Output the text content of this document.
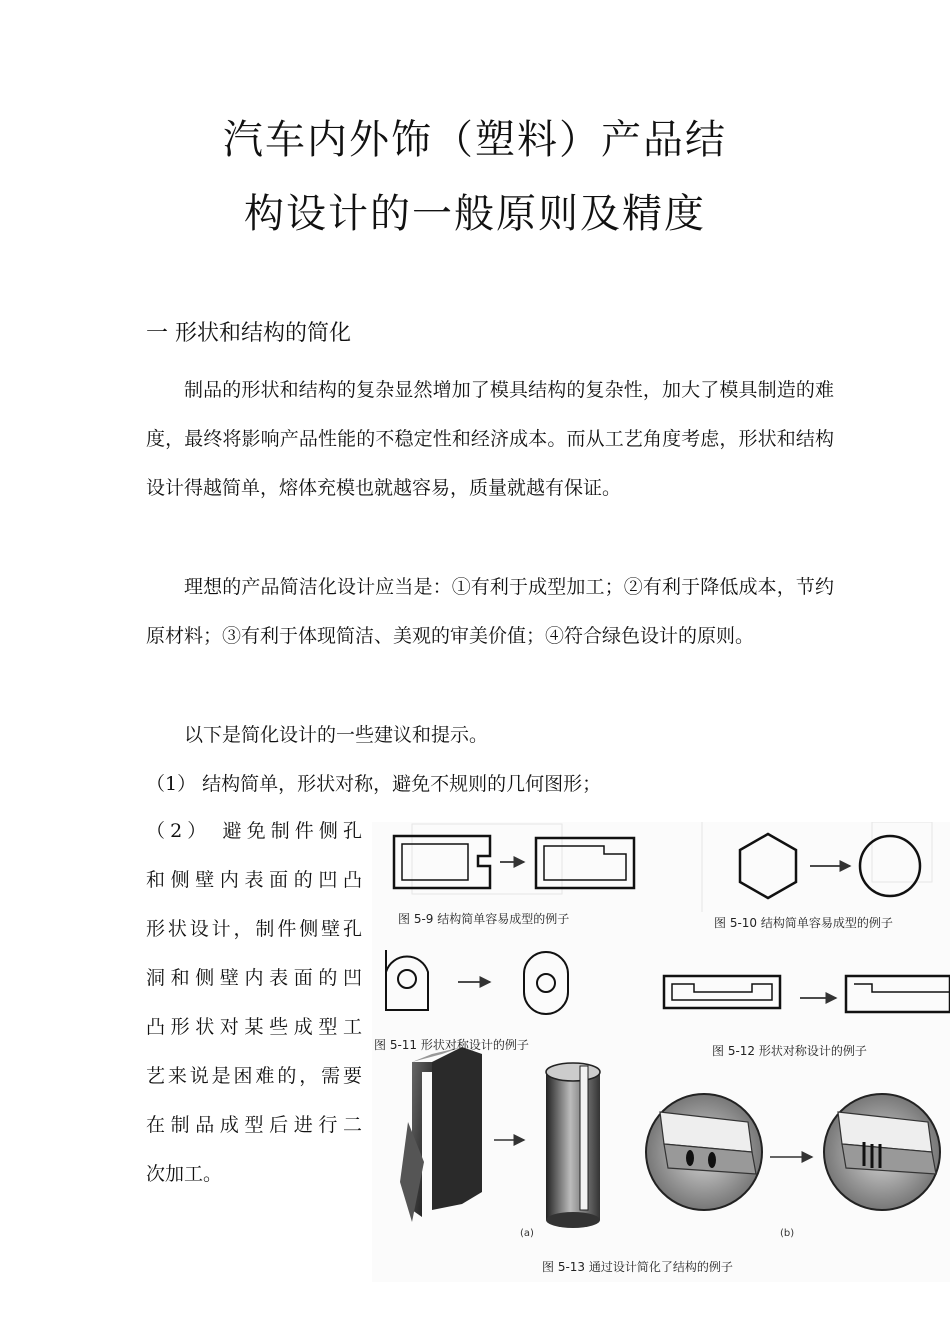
汽车内外饰（塑料）产品结
构设计的一般原则及精度
一 形状和结构的简化

制品的形状和结构的复杂显然增加了模具结构的复杂性，加大了模具制造的难度，最终将影响产品性能的不稳定性和经济成本。而从工艺角度考虑，形状和结构设计得越简单，熔体充模也就越容易，质量就越有保证。

理想的产品简洁化设计应当是：①有利于成型加工；②有利于降低成本，节约原材料；③有利于体现简洁、美观的审美价值；④符合绿色设计的原则。

以下是简化设计的一些建议和提示。

（1） 结构简单，形状对称，避免不规则的几何图形；

（2） 避免制件侧孔
和侧壁内表面的凹凸
形状设计，制件侧壁孔
洞和侧壁内表面的凹
凸形状对某些成型工
艺来说是困难的，需要
在制品成型后进行二
次加工。
图 5-9 结构简单容易成型的例子	图 5-10 结构简单容易成型的例子
图 5-11 形状对称设计的例子	图 5-12 形状对称设计的例子
(a)	(b)
图 5-13 通过设计简化了结构的例子
